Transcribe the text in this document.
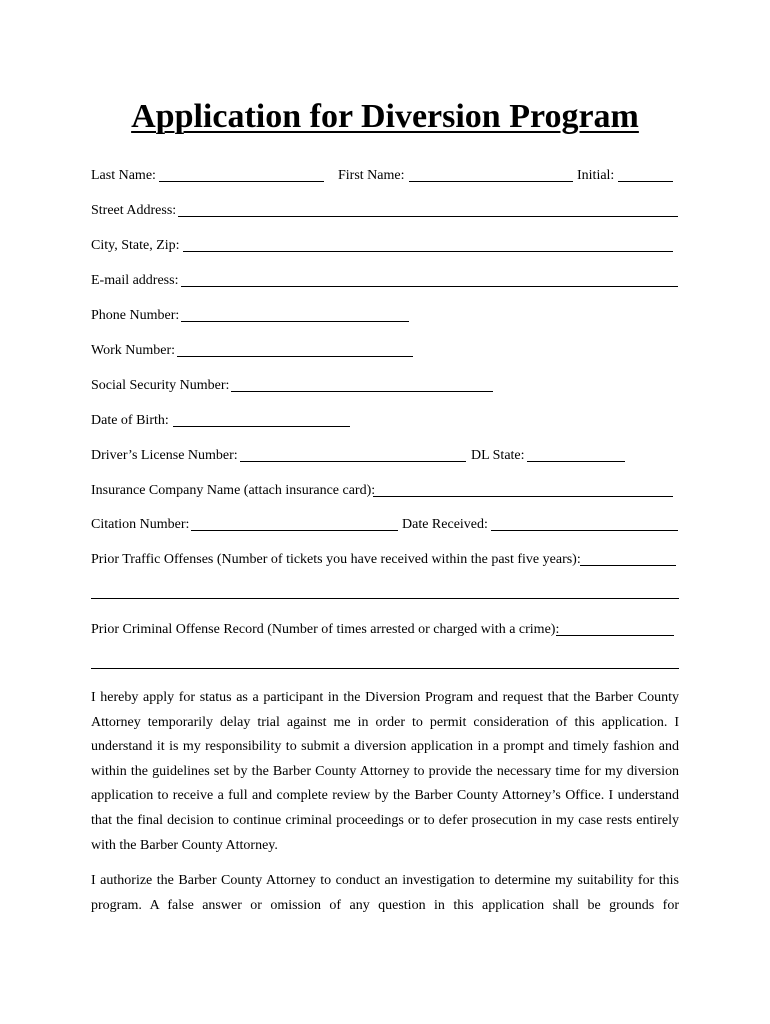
Application for Diversion Program
Last Name:	First Name:	Initial:
Street Address:
City, State, Zip:
E-mail address:
Phone Number:
Work Number:
Social Security Number:
Date of Birth:
Driver’s License Number:	DL State:
Insurance Company Name (attach insurance card):
Citation Number:	Date Received:
Prior Traffic Offenses (Number of tickets you have received within the past five years):
Prior Criminal Offense Record (Number of times arrested or charged with a crime):
I hereby apply for status as a participant in the Diversion Program and request that the Barber County Attorney temporarily delay trial against me in order to permit consideration of this application. I understand it is my responsibility to submit a diversion application in a prompt and timely fashion and within the guidelines set by the Barber County Attorney to provide the necessary time for my diversion application to receive a full and complete review by the Barber County Attorney’s Office. I understand that the final decision to continue criminal proceedings or to defer prosecution in my case rests entirely with the Barber County Attorney.
I authorize the Barber County Attorney to conduct an investigation to determine my suitability for this program. A false answer or omission of any question in this application shall be grounds for
